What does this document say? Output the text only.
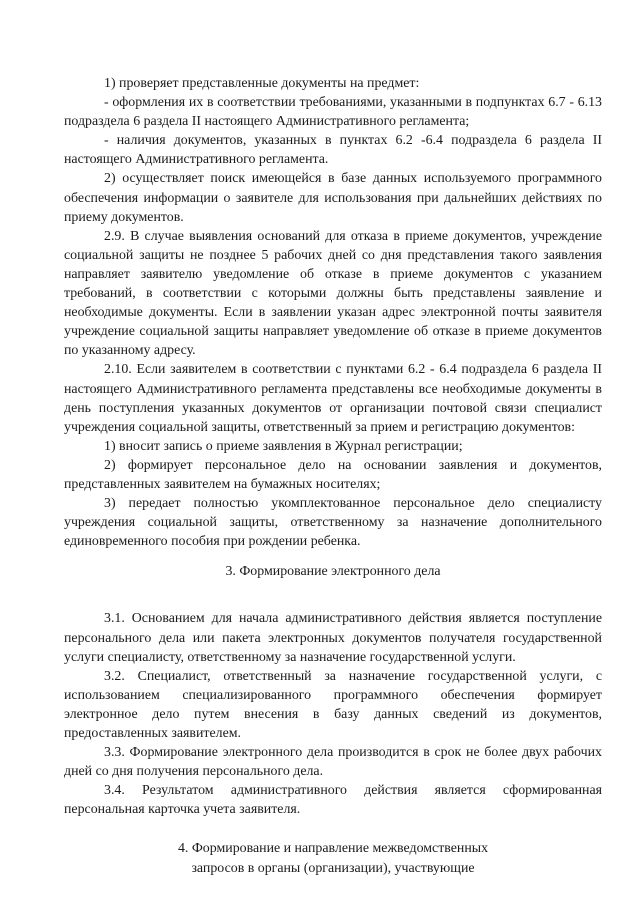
1) проверяет представленные документы на предмет:

- оформления их в соответствии требованиями, указанными в подпунктах 6.7 - 6.13 подраздела 6 раздела II настоящего Административного регламента;

- наличия документов, указанных в пунктах 6.2 -6.4 подраздела 6 раздела II настоящего Административного регламента.

2) осуществляет поиск имеющейся в базе данных используемого программного обеспечения информации о заявителе для использования при дальнейших действиях по приему документов.

2.9. В случае выявления оснований для отказа в приеме документов, учреждение социальной защиты не позднее 5 рабочих дней со дня представления такого заявления направляет заявителю уведомление об отказе в приеме документов с указанием требований, в соответствии с которыми должны быть представлены заявление и необходимые документы. Если в заявлении указан адрес электронной почты заявителя учреждение социальной защиты направляет уведомление об отказе в приеме документов по указанному адресу.

2.10. Если заявителем в соответствии с пунктами 6.2 - 6.4 подраздела 6 раздела II настоящего Административного регламента представлены все необходимые документы в день поступления указанных документов от организации почтовой связи специалист учреждения социальной защиты, ответственный за прием и регистрацию документов:

1) вносит запись о приеме заявления в Журнал регистрации;

2) формирует персональное дело на основании заявления и документов, представленных заявителем на бумажных носителях;

3) передает полностью укомплектованное персональное дело специалисту учреждения социальной защиты, ответственному за назначение дополнительного единовременного пособия при рождении ребенка.

3. Формирование электронного дела

3.1. Основанием для начала административного действия является поступление персонального дела или пакета электронных документов получателя государственной услуги специалисту, ответственному за назначение государственной услуги.

3.2. Специалист, ответственный за назначение государственной услуги, с использованием специализированного программного обеспечения формирует электронное дело путем внесения в базу данных сведений из документов, предоставленных заявителем.

3.3. Формирование электронного дела производится в срок не более двух рабочих дней со дня получения персонального дела.

3.4. Результатом административного действия является сформированная персональная карточка учета заявителя.

4. Формирование и направление межведомственных

запросов в органы (организации), участвующие
